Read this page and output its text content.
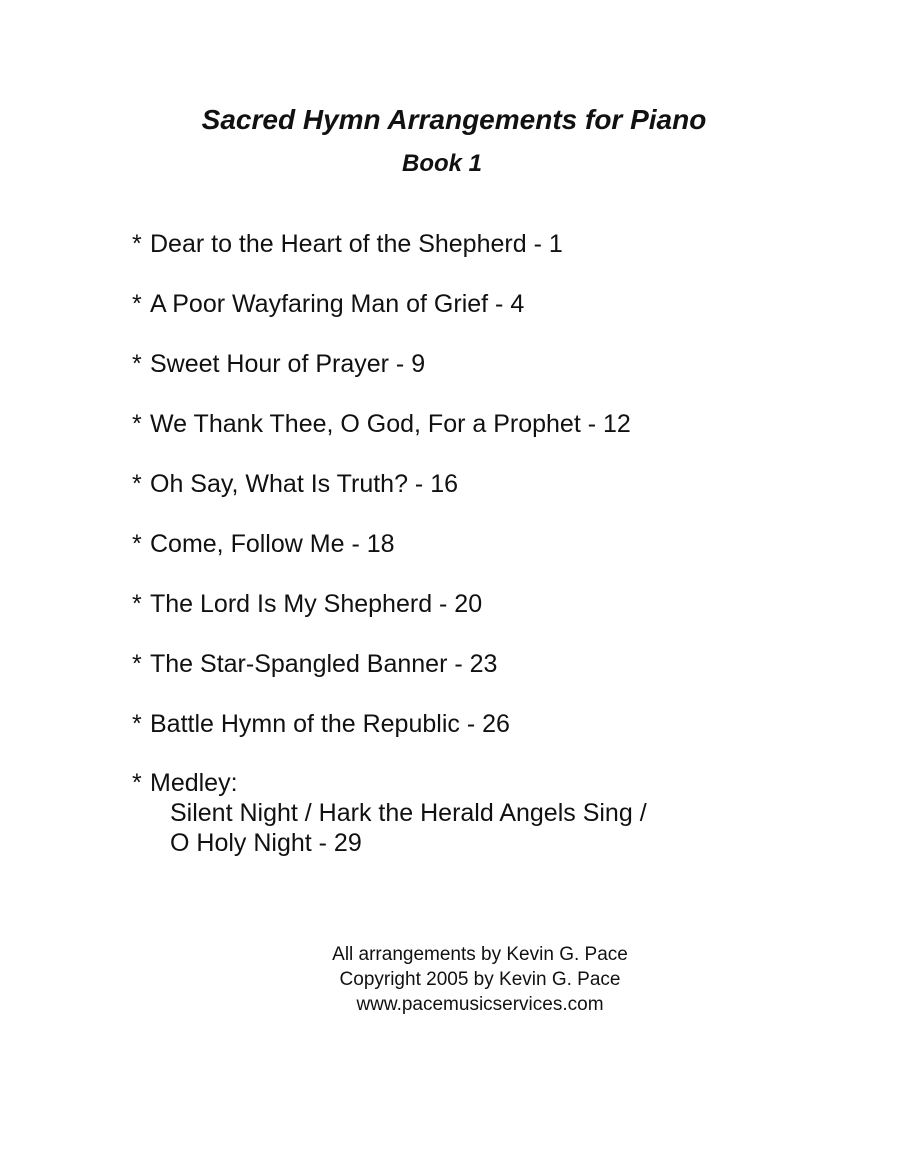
Sacred Hymn Arrangements for Piano
Book 1
* Dear to the Heart of the Shepherd - 1
* A Poor Wayfaring Man of Grief - 4
* Sweet Hour of Prayer - 9
* We Thank Thee, O God, For a Prophet - 12
* Oh Say, What Is Truth? - 16
* Come, Follow Me - 18
* The Lord Is My Shepherd - 20
* The Star-Spangled Banner - 23
* Battle Hymn of the Republic - 26
* Medley:
Silent Night / Hark the Herald Angels Sing /
O Holy Night - 29
All arrangements by Kevin G. Pace
Copyright 2005 by Kevin G. Pace
www.pacemusicservices.com
